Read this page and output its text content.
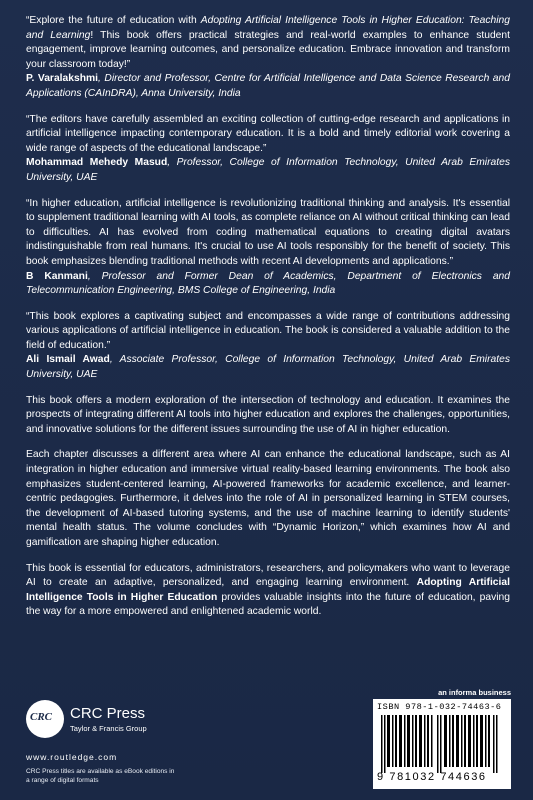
“Explore the future of education with Adopting Artificial Intelligence Tools in Higher Education: Teaching and Learning! This book offers practical strategies and real-world examples to enhance student engagement, improve learning outcomes, and personalize education. Embrace innovation and transform your classroom today!”

P. Varalakshmi, Director and Professor, Centre for Artificial Intelligence and Data Science Research and Applications (CAInDRA), Anna University, India

“The editors have carefully assembled an exciting collection of cutting-edge research and applications in artificial intelligence impacting contemporary education. It is a bold and timely editorial work covering a wide range of aspects of the educational landscape.”

Mohammad Mehedy Masud, Professor, College of Information Technology, United Arab Emirates University, UAE

“In higher education, artificial intelligence is revolutionizing traditional thinking and analysis. It's essential to supplement traditional learning with AI tools, as complete reliance on AI without critical thinking can lead to difficulties. AI has evolved from coding mathematical equations to creating digital avatars indistinguishable from real humans. It's crucial to use AI tools responsibly for the benefit of society. This book emphasizes blending traditional methods with recent AI developments and applications.”

B Kanmani, Professor and Former Dean of Academics, Department of Electronics and Telecommunication Engineering, BMS College of Engineering, India

“This book explores a captivating subject and encompasses a wide range of contributions addressing various applications of artificial intelligence in education. The book is considered a valuable addition to the field of education.”

Ali Ismail Awad, Associate Professor, College of Information Technology, United Arab Emirates University, UAE

This book offers a modern exploration of the intersection of technology and education. It examines the prospects of integrating different AI tools into higher education and explores the challenges, opportunities, and innovative solutions for the different issues surrounding the use of AI in higher education.

Each chapter discusses a different area where AI can enhance the educational landscape, such as AI integration in higher education and immersive virtual reality-based learning environments. The book also emphasizes student-centered learning, AI-powered frameworks for academic excellence, and learner-centric pedagogies. Furthermore, it delves into the role of AI in personalized learning in STEM courses, the development of AI-based tutoring systems, and the use of machine learning to identify students' mental health status. The volume concludes with “Dynamic Horizon,” which examines how AI and gamification are shaping higher education.

This book is essential for educators, administrators, researchers, and policymakers who want to leverage AI to create an adaptive, personalized, and engaging learning environment. Adopting Artificial Intelligence Tools in Higher Education provides valuable insights into the future of education, paving the way for a more empowered and enlightened academic world.

an informa business
CRC CRC Press
Taylor & Francis Group
www.routledge.com
CRC Press titles are available as eBook editions in a range of digital formats
ISBN 978-1-032-74463-6
9 781032 744636
